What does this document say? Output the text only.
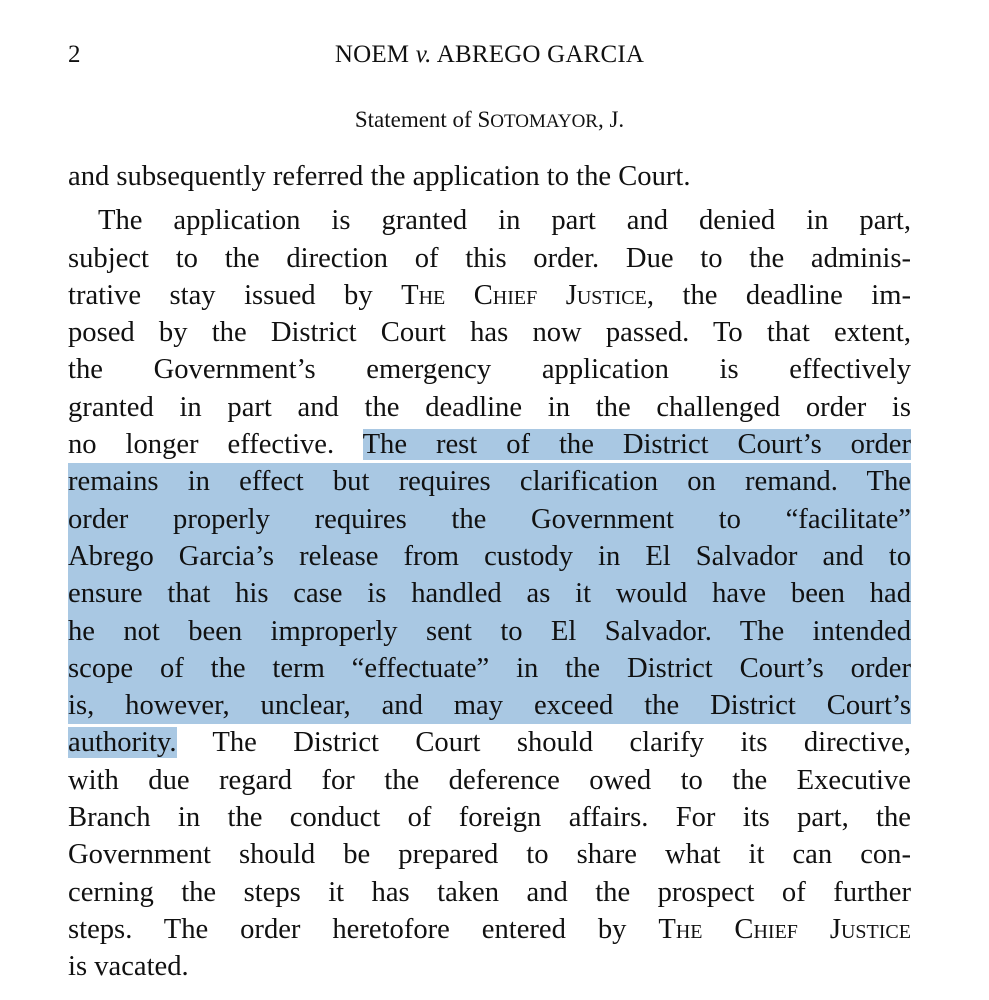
2	NOEM v. ABREGO GARCIA
Statement of SOTOMAYOR, J.
and subsequently referred the application to the Court.
The application is granted in part and denied in part,
subject to the direction of this order. Due to the adminis-
trative stay issued by The Chief Justice, the deadline im-
posed by the District Court has now passed. To that extent,
the Government’s emergency application is effectively
granted in part and the deadline in the challenged order is
no longer effective. The rest of the District Court’s order
remains in effect but requires clarification on remand. The
order properly requires the Government to “facilitate”
Abrego Garcia’s release from custody in El Salvador and to
ensure that his case is handled as it would have been had
he not been improperly sent to El Salvador. The intended
scope of the term “effectuate” in the District Court’s order
is, however, unclear, and may exceed the District Court’s
authority. The District Court should clarify its directive,
with due regard for the deference owed to the Executive
Branch in the conduct of foreign affairs. For its part, the
Government should be prepared to share what it can con-
cerning the steps it has taken and the prospect of further
steps. The order heretofore entered by The Chief Justice
is vacated.
